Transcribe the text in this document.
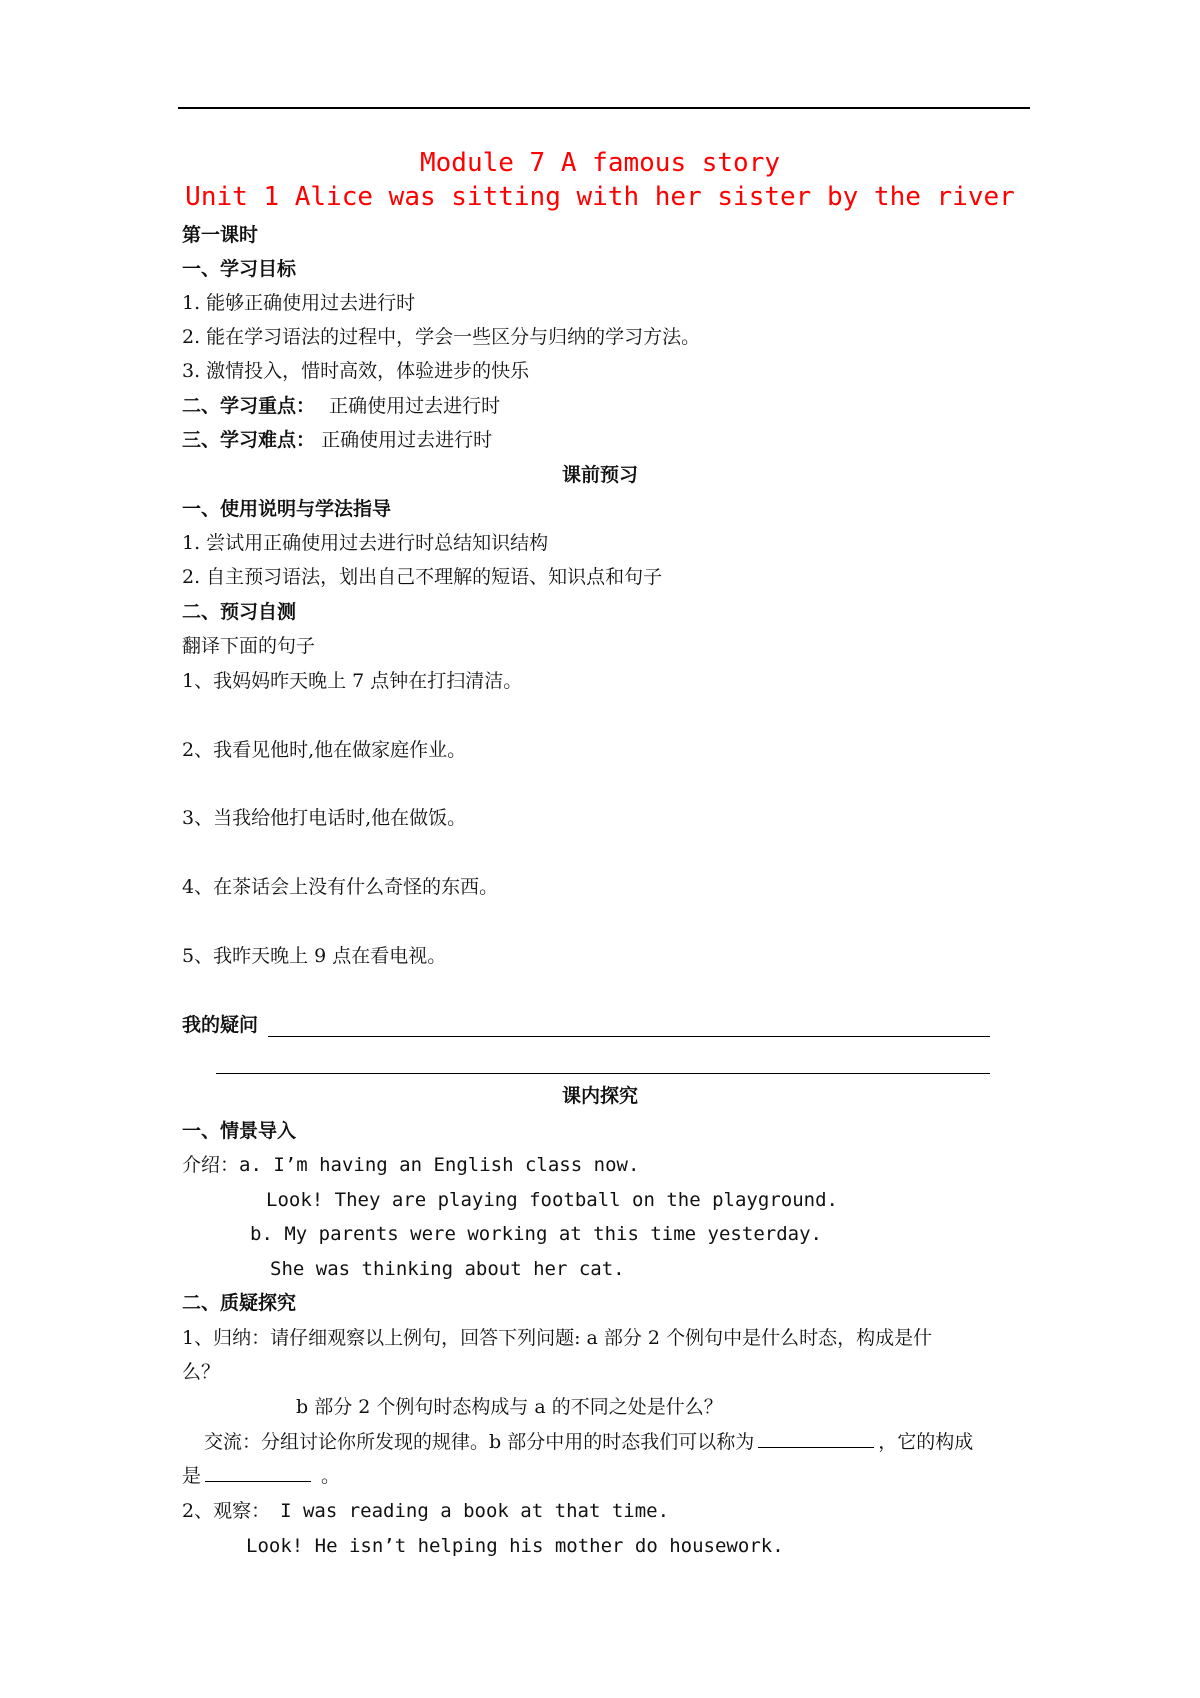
Module 7 A famous story
Unit 1 Alice was sitting with her sister by the river
第一课时
一、学习目标
1. 能够正确使用过去进行时
2. 能在学习语法的过程中，学会一些区分与归纳的学习方法。
3. 激情投入，惜时高效，体验进步的快乐
二、学习重点： 正确使用过去进行时
三、学习难点： 正确使用过去进行时
课前预习
一、使用说明与学法指导
1. 尝试用正确使用过去进行时总结知识结构
2. 自主预习语法，划出自己不理解的短语、知识点和句子
二、预习自测
翻译下面的句子
1、我妈妈昨天晚上 7 点钟在打扫清洁。
2、我看见他时,他在做家庭作业。
3、当我给他打电话时,他在做饭。
4、在茶话会上没有什么奇怪的东西。
5、我昨天晚上 9 点在看电视。
我的疑问
课内探究
一、情景导入
介绍：a. I’m having an English class now.
Look! They are playing football on the playground.
b. My parents were working at this time yesterday.
She was thinking about her cat.
二、质疑探究
1、归纳：请仔细观察以上例句，回答下列问题: a 部分 2 个例句中是什么时态，构成是什
么？
b 部分 2 个例句时态构成与 a 的不同之处是什么？
交流：分组讨论你所发现的规律。b 部分中用的时态我们可以称为	，它的构成
是	。
2、观察： I was reading a book at that time.
Look! He isn’t helping his mother do housework.
